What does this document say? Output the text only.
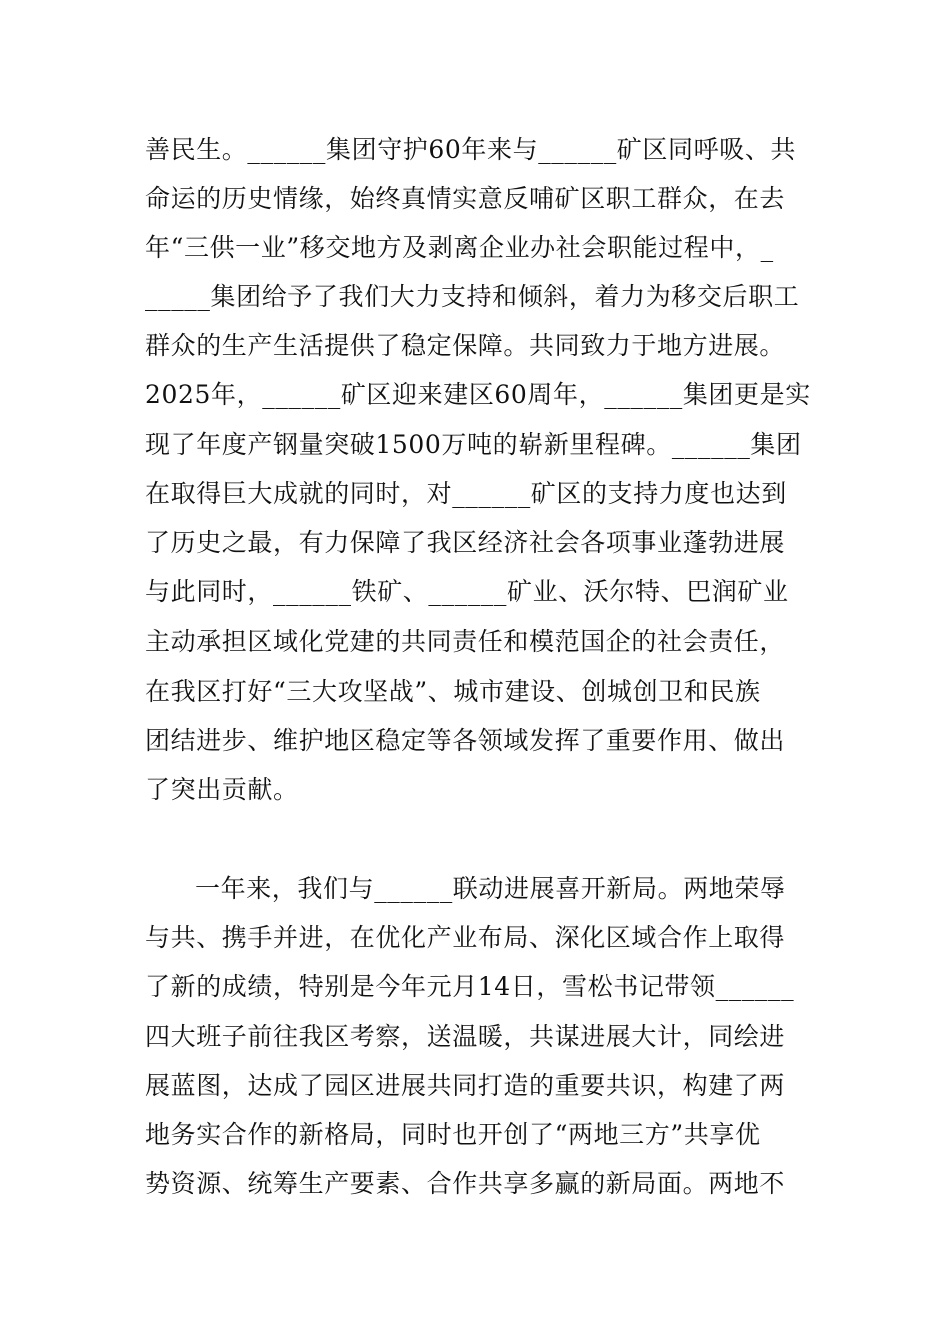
善民生。______集团守护60年来与______矿区同呼吸、共
命运的历史情缘，始终真情实意反哺矿区职工群众，在去
年“三供一业”移交地方及剥离企业办社会职能过程中，_
_____集团给予了我们大力支持和倾斜，着力为移交后职工
群众的生产生活提供了稳定保障。共同致力于地方进展。
2025年，______矿区迎来建区60周年，______集团更是实
现了年度产钢量突破1500万吨的崭新里程碑。______集团
在取得巨大成就的同时，对______矿区的支持力度也达到
了历史之最，有力保障了我区经济社会各项事业蓬勃进展
与此同时，______铁矿、______矿业、沃尔特、巴润矿业
主动承担区域化党建的共同责任和模范国企的社会责任，
在我区打好“三大攻坚战”、城市建设、创城创卫和民族
团结进步、维护地区稳定等各领域发挥了重要作用、做出
了突出贡献。
一年来，我们与______联动进展喜开新局。两地荣辱
与共、携手并进，在优化产业布局、深化区域合作上取得
了新的成绩，特别是今年元月14日，雪松书记带领______
四大班子前往我区考察，送温暖，共谋进展大计，同绘进
展蓝图，达成了园区进展共同打造的重要共识，构建了两
地务实合作的新格局，同时也开创了“两地三方”共享优
势资源、统筹生产要素、合作共享多赢的新局面。两地不
